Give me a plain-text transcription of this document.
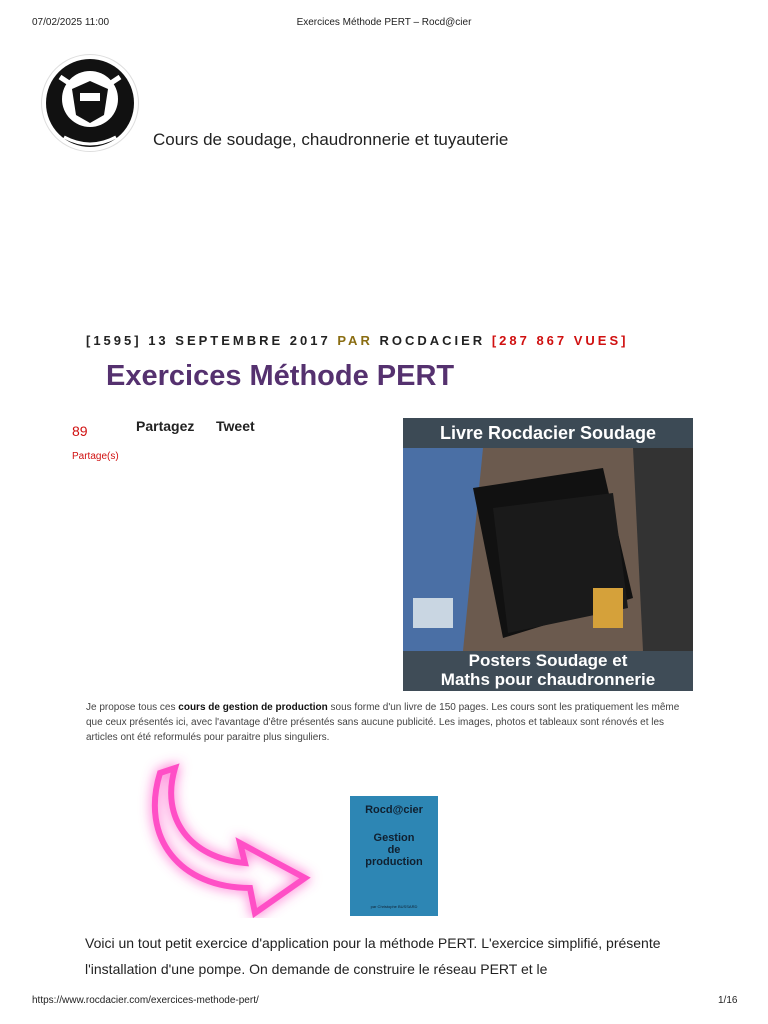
07/02/2025 11:00	Exercices Méthode PERT – Rocd@cier
Cours de soudage, chaudronnerie et tuyauterie
[1595] 13 SEPTEMBRE 2017 PAR ROCDACIER [287 867 VUES]
Exercices Méthode PERT
89
Partage(s)
Partagez Tweet	Livre Rocdacier Soudage
Posters Soudage et
Maths pour chaudronnerie
Je propose tous ces cours de gestion de production sous forme d'un livre de 150 pages. Les cours sont les pratiquement les même que ceux présentés ici, avec l'avantage d'être présentés sans aucune publicité. Les images, photos et tableaux sont rénovés et les articles ont été reformulés pour paraitre plus singuliers.
Rocd@cier
Gestion
de
production
par Christophe BUSSARD
Voici un tout petit exercice d'application pour la méthode PERT. L'exercice simplifié, présente l'installation d'une pompe. On demande de construire le réseau PERT et le
https://www.rocdacier.com/exercices-methode-pert/	1/16
